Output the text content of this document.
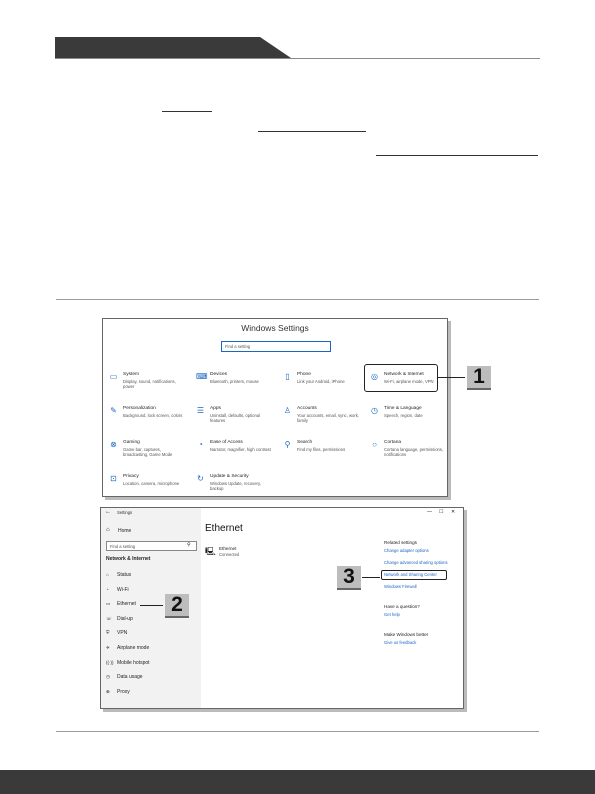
Windows Settings
Find a setting
▭ System
Display, sound, notifications, power
⌨ Devices
Bluetooth, printers, mouse
▯	Phone
Link your Android, iPhone
◎ Network & Internet
Wi-Fi, airplane mode, VPN
✎ Personalization
Background, lock screen, colors
☰ Apps
Uninstall, defaults, optional features
♙ Accounts
Your accounts, email, sync, work, family
◷ Time & Language
Speech, region, date
⊗ Gaming
Game bar, captures, broadcasting, Game Mode
◔	Ease of Access
Narrator, magnifier, high contrast
⚲	Search
Find my files, permissions
○	Cortana
Cortana language, permissions, notifications
⊡ Privacy
Location, camera, microphone
↻ Update & Security
Windows Update, recovery, backup
1
← Settings	— ☐ ✕
⌂ Home
Find a setting	⚲
Network & Internet
⌂ Status
◔ Wi-Fi
▭ Ethernet
☏ Dial-up
⛨ VPN
✈ Airplane mode
((·)) Mobile hotspot
◷ Data usage
⊕ Proxy
Ethernet
🖳 Ethernet
Connected
Related settings
Change adapter options
Change advanced sharing options
Network and Sharing Center
Windows Firewall
Have a question?
Get help
Make Windows better
Give us feedback
2
3
